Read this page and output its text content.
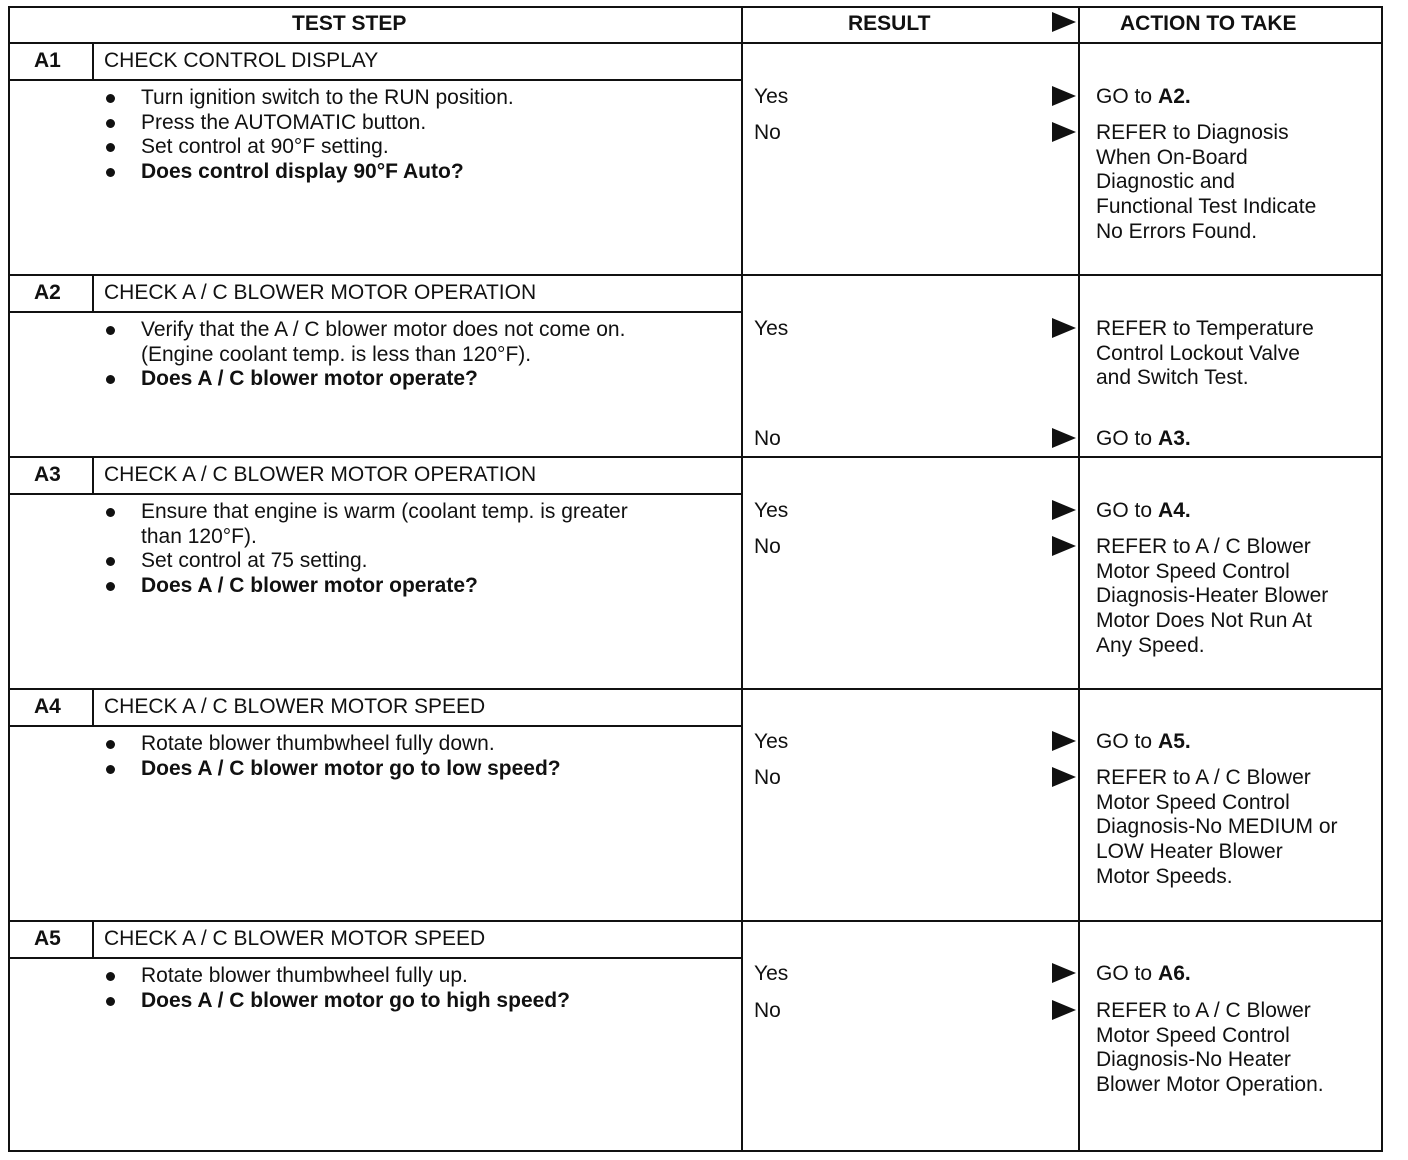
TEST STEP	RESULT	ACTION TO TAKE
A1 CHECK CONTROL DISPLAY
Turn ignition switch to the RUN position.
Press the AUTOMATIC button.
Set control at 90°F setting.
Does control display 90°F Auto?
Yes	GO to A2.
No	REFER to Diagnosis
When On-Board
Diagnostic and
Functional Test Indicate
No Errors Found.
A2 CHECK A / C BLOWER MOTOR OPERATION
Verify that the A / C blower motor does not come on.
(Engine coolant temp. is less than 120°F).
Does A / C blower motor operate?
Yes	REFER to Temperature
Control Lockout Valve
and Switch Test.
No	GO to A3.
A3 CHECK A / C BLOWER MOTOR OPERATION
Ensure that engine is warm (coolant temp. is greater
than 120°F).
Set control at 75 setting.
Does A / C blower motor operate?
Yes	GO to A4.
No	REFER to A / C Blower
Motor Speed Control
Diagnosis-Heater Blower
Motor Does Not Run At
Any Speed.
A4 CHECK A / C BLOWER MOTOR SPEED
Rotate blower thumbwheel fully down.
Does A / C blower motor go to low speed?
Yes	GO to A5.
No	REFER to A / C Blower
Motor Speed Control
Diagnosis-No MEDIUM or
LOW Heater Blower
Motor Speeds.
A5 CHECK A / C BLOWER MOTOR SPEED
Rotate blower thumbwheel fully up.
Does A / C blower motor go to high speed?
Yes	GO to A6.
No	REFER to A / C Blower
Motor Speed Control
Diagnosis-No Heater
Blower Motor Operation.
